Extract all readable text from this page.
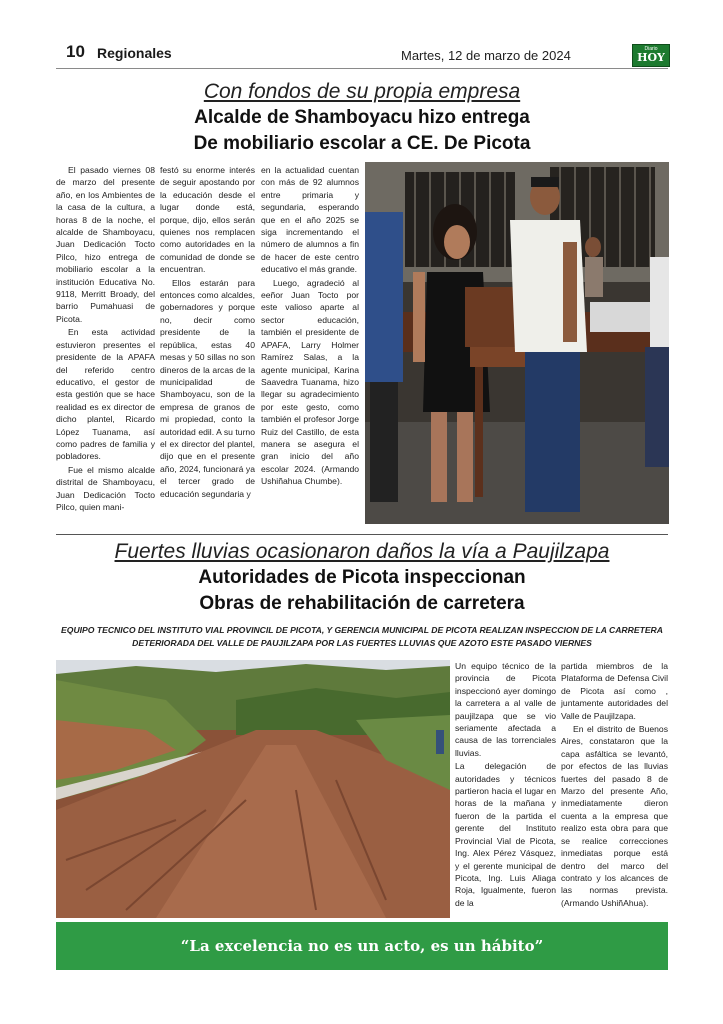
10 Regionales	Martes, 12 de marzo de 2024	Diario
HOY
Con fondos de su propia empresa
Alcalde de Shamboyacu hizo entrega
De mobiliario escolar a CE. De Picota

El pasado viernes 08 de marzo del presente año, en los Ambientes de la casa de la cultura, a horas 8 de la noche, el alcalde de Shamboyacu, Juan Dedicación Tocto Pilco, hizo entrega de mobiliario escolar a la institución Educativa No. 9118, Merritt Broady, del barrio Pumahuasi de Picota.

En esta actividad estuvieron presentes el presidente de la APAFA del referido centro educativo, el gestor de esta gestión que se hace realidad es ex director de dicho plantel, Ricardo López Tuanama, así como padres de familia y pobladores.

Fue el mismo alcalde distrital de Shamboyacu, Juan Dedicación Tocto Pilco, quien mani-

festó su enorme interés de seguir apostando por la educación desde el lugar donde está, porque, dijo, ellos serán quienes nos remplacen como autoridades en la comunidad de donde se encuentran.

Ellos estarán para entonces como alcaldes, gobernadores y porque no, decir como presidente de la república, estas 40 mesas y 50 sillas no son dineros de la arcas de la municipalidad de Shamboyacu, son de la empresa de granos de mi propiedad, conto la autoridad edil. A su turno el ex director del plantel, dijo que en el presente año, 2024, funcionará ya el tercer grado de educación segundaria y

en la actualidad cuentan con más de 92 alumnos entre primaria y segundaria, esperando que en el año 2025 se siga incrementando el número de alumnos a fin de hacer de este centro educativo el más grande.

Luego, agradeció al eeñor Juan Tocto por este valioso aparte al sector educación, también el presidente de APAFA, Larry Holmer Ramírez Salas, a la agente municipal, Karina Saavedra Tuanama, hizo llegar su agradecimiento por este gesto, como también el profesor Jorge Ruiz del Castillo, de esta manera se asegura el gran inicio del año escolar 2024. (Armando Ushiñahua Chumbe).

Fuertes lluvias ocasionaron daños la vía a Paujilzapa
Autoridades de Picota inspeccionan
Obras de rehabilitación de carretera
EQUIPO TECNICO DEL INSTITUTO VIAL PROVINCIL DE PICOTA, Y GERENCIA MUNICIPAL DE PICOTA REALIZAN INSPECCION DE LA CARRETERA DETERIORADA DEL VALLE DE PAUJILZAPA POR LAS FUERTES LLUVIAS QUE AZOTO ESTE PASADO VIERNES

Un equipo técnico de la provincia de Picota inspeccionó ayer domingo la carretera a al valle de paujilzapa que se vio seriamente afectada a causa de las torrenciales lluvias.

La delegación de autoridades y técnicos partieron hacia el lugar en horas de la mañana y fueron de la partida el gerente del Instituto Provincial Vial de Picota, Ing. Alex Pérez Vásquez, y el gerente municipal de Picota, Ing. Luis Aliaga Roja, Igualmente, fueron de la

partida miembros de la Plataforma de Defensa Civil de Picota así como , juntamente autoridades del Valle de Paujilzapa.

En el distrito de Buenos Aires, constataron que la capa asfáltica se levantó, por efectos de las lluvias fuertes del pasado 8 de Marzo del presente Año, inmediatamente dieron cuenta a la empresa que realizo esta obra para que se realice correcciones inmediatas porque está dentro del marco del contrato y los alcances de las normas prevista. (Armando UshiñAhua).

“La excelencia no es un acto, es un hábito”
